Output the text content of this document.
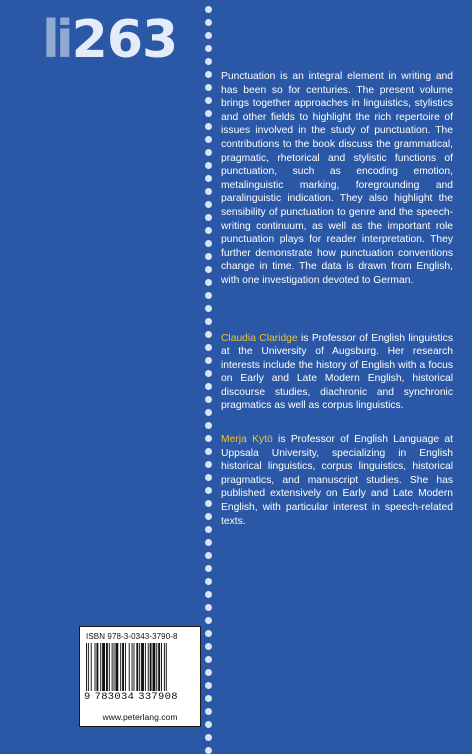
li 263

Punctuation is an integral element in writing and has been so for centuries. The present volume brings together approaches in linguistics, stylistics and other fields to highlight the rich repertoire of issues involved in the study of punctuation. The contributions to the book discuss the grammatical, pragmatic, rhetorical and stylistic functions of punctuation, such as encoding emotion, metalinguistic marking, foregrounding and paralinguistic indication. They also highlight the sensibility of punctuation to genre and the speech-writing continuum, as well as the important role punctuation plays for reader interpretation. They further demonstrate how punctuation conventions change in time. The data is drawn from English, with one investigation devoted to German.

Claudia Claridge is Professor of English linguistics at the University of Augsburg. Her research interests include the history of English with a focus on Early and Late Modern English, historical discourse studies, diachronic and synchronic pragmatics as well as corpus linguistics.

Merja Kytö is Professor of English Language at Uppsala University, specializing in English historical linguistics, corpus linguistics, historical pragmatics, and manuscript studies. She has published extensively on Early and Late Modern English, with particular interest in speech-related texts.

ISBN 978-3-0343-3790-8
9 783034 337908
www.peterlang.com
